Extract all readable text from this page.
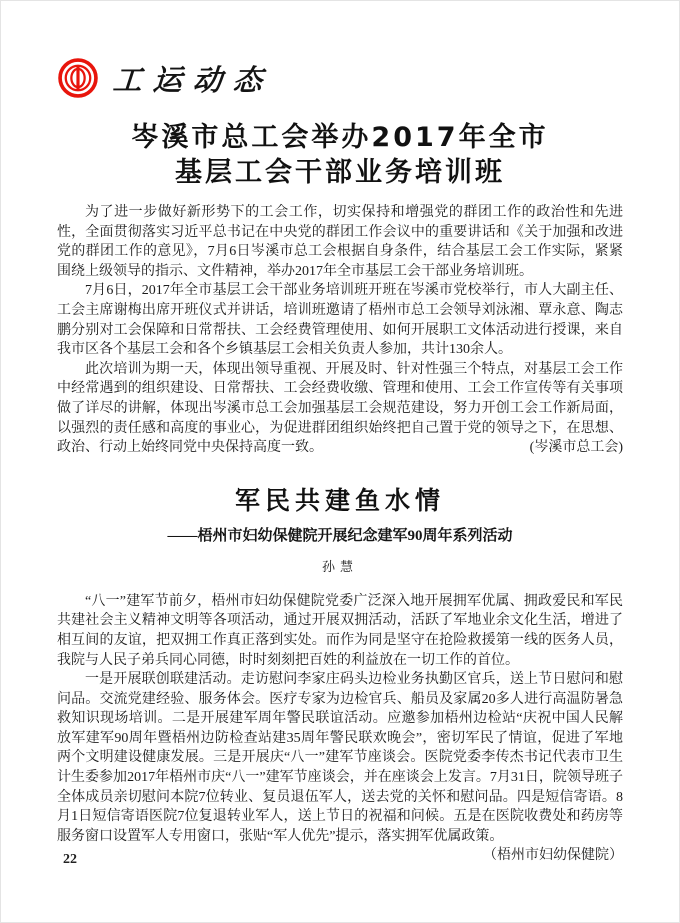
工运动态
岑溪市总工会举办2017年全市
基层工会干部业务培训班

为了进一步做好新形势下的工会工作，切实保持和增强党的群团工作的政治性和先进性，全面贯彻落实习近平总书记在中央党的群团工作会议中的重要讲话和《关于加强和改进党的群团工作的意见》，7月6日岑溪市总工会根据自身条件，结合基层工会工作实际，紧紧围绕上级领导的指示、文件精神，举办2017年全市基层工会干部业务培训班。

7月6日，2017年全市基层工会干部业务培训班开班在岑溪市党校举行，市人大副主任、工会主席谢梅出席开班仪式并讲话，培训班邀请了梧州市总工会领导刘泳湘、覃永意、陶志鹏分别对工会保障和日常帮扶、工会经费管理使用、如何开展职工文体活动进行授课，来自我市区各个基层工会和各个乡镇基层工会相关负责人参加，共计130余人。

此次培训为期一天，体现出领导重视、开展及时、针对性强三个特点，对基层工会工作中经常遇到的组织建设、日常帮扶、工会经费收缴、管理和使用、工会工作宣传等有关事项做了详尽的讲解，体现出岑溪市总工会加强基层工会规范建设，努力开创工会工作新局面，以强烈的责任感和高度的事业心，为促进群团组织始终把自己置于党的领导之下，在思想、政治、行动上始终同党中央保持高度一致。	(岑溪市总工会)

军民共建鱼水情
——梧州市妇幼保健院开展纪念建军90周年系列活动
孙慧

“八一”建军节前夕，梧州市妇幼保健院党委广泛深入地开展拥军优属、拥政爱民和军民共建社会主义精神文明等各项活动，通过开展双拥活动，活跃了军地业余文化生活，增进了相互间的友谊，把双拥工作真正落到实处。而作为同是坚守在抢险救援第一线的医务人员，我院与人民子弟兵同心同德，时时刻刻把百姓的利益放在一切工作的首位。

一是开展联创联建活动。走访慰问李家庄码头边检业务执勤区官兵，送上节日慰问和慰问品。交流党建经验、服务体会。医疗专家为边检官兵、船员及家属20多人进行高温防暑急救知识现场培训。二是开展建军周年警民联谊活动。应邀参加梧州边检站“庆祝中国人民解放军建军90周年暨梧州边防检查站建35周年警民联欢晚会”，密切军民了情谊，促进了军地两个文明建设健康发展。三是开展庆“八一”建军节座谈会。医院党委李传杰书记代表市卫生计生委参加2017年梧州市庆“八一”建军节座谈会，并在座谈会上发言。7月31日，院领导班子全体成员亲切慰问本院7位转业、复员退伍军人，送去党的关怀和慰问品。四是短信寄语。8月1日短信寄语医院7位复退转业军人，送上节日的祝福和问候。五是在医院收费处和药房等服务窗口设置军人专用窗口，张贴“军人优先”提示，落实拥军优属政策。
（梧州市妇幼保健院）

22
